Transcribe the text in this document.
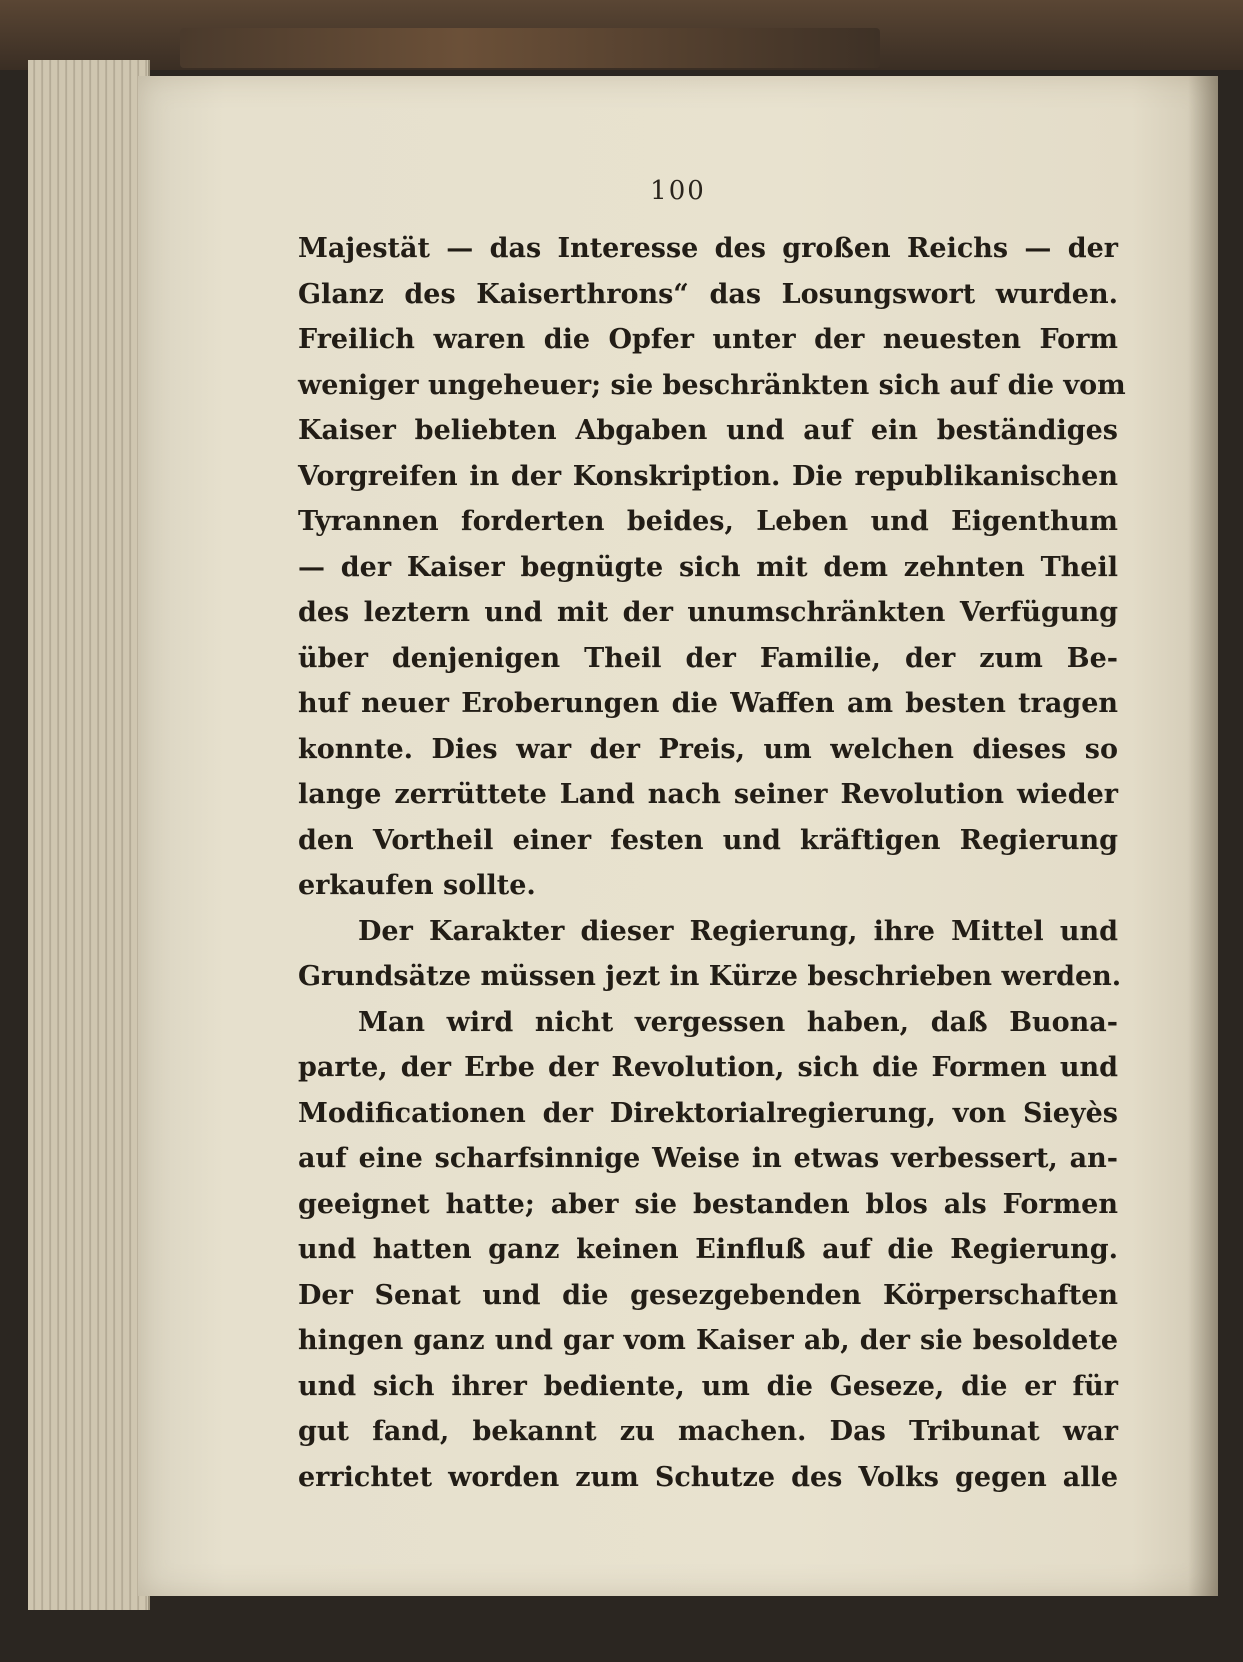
100
Majestät — das Interesse des großen Reichs — der
Glanz des Kaiserthrons“ das Losungswort wurden.
Freilich waren die Opfer unter der neuesten Form
weniger ungeheuer; sie beschränkten sich auf die vom
Kaiser beliebten Abgaben und auf ein beständiges
Vorgreifen in der Konskription. Die republikanischen
Tyrannen forderten beides, Leben und Eigenthum
— der Kaiser begnügte sich mit dem zehnten Theil
des leztern und mit der unumschränkten Verfügung
über denjenigen Theil der Familie, der zum Be-
huf neuer Eroberungen die Waffen am besten tragen
konnte. Dies war der Preis, um welchen dieses so
lange zerrüttete Land nach seiner Revolution wieder
den Vortheil einer festen und kräftigen Regierung
erkaufen sollte.
Der Karakter dieser Regierung, ihre Mittel und
Grundsätze müssen jezt in Kürze beschrieben werden.
Man wird nicht vergessen haben, daß Buona-
parte, der Erbe der Revolution, sich die Formen und
Modificationen der Direktorialregierung, von Sieyès
auf eine scharfsinnige Weise in etwas verbessert, an-
geeignet hatte; aber sie bestanden blos als Formen
und hatten ganz keinen Einfluß auf die Regierung.
Der Senat und die gesezgebenden Körperschaften
hingen ganz und gar vom Kaiser ab, der sie besoldete
und sich ihrer bediente, um die Geseze, die er für
gut fand, bekannt zu machen. Das Tribunat war
errichtet worden zum Schutze des Volks gegen alle
